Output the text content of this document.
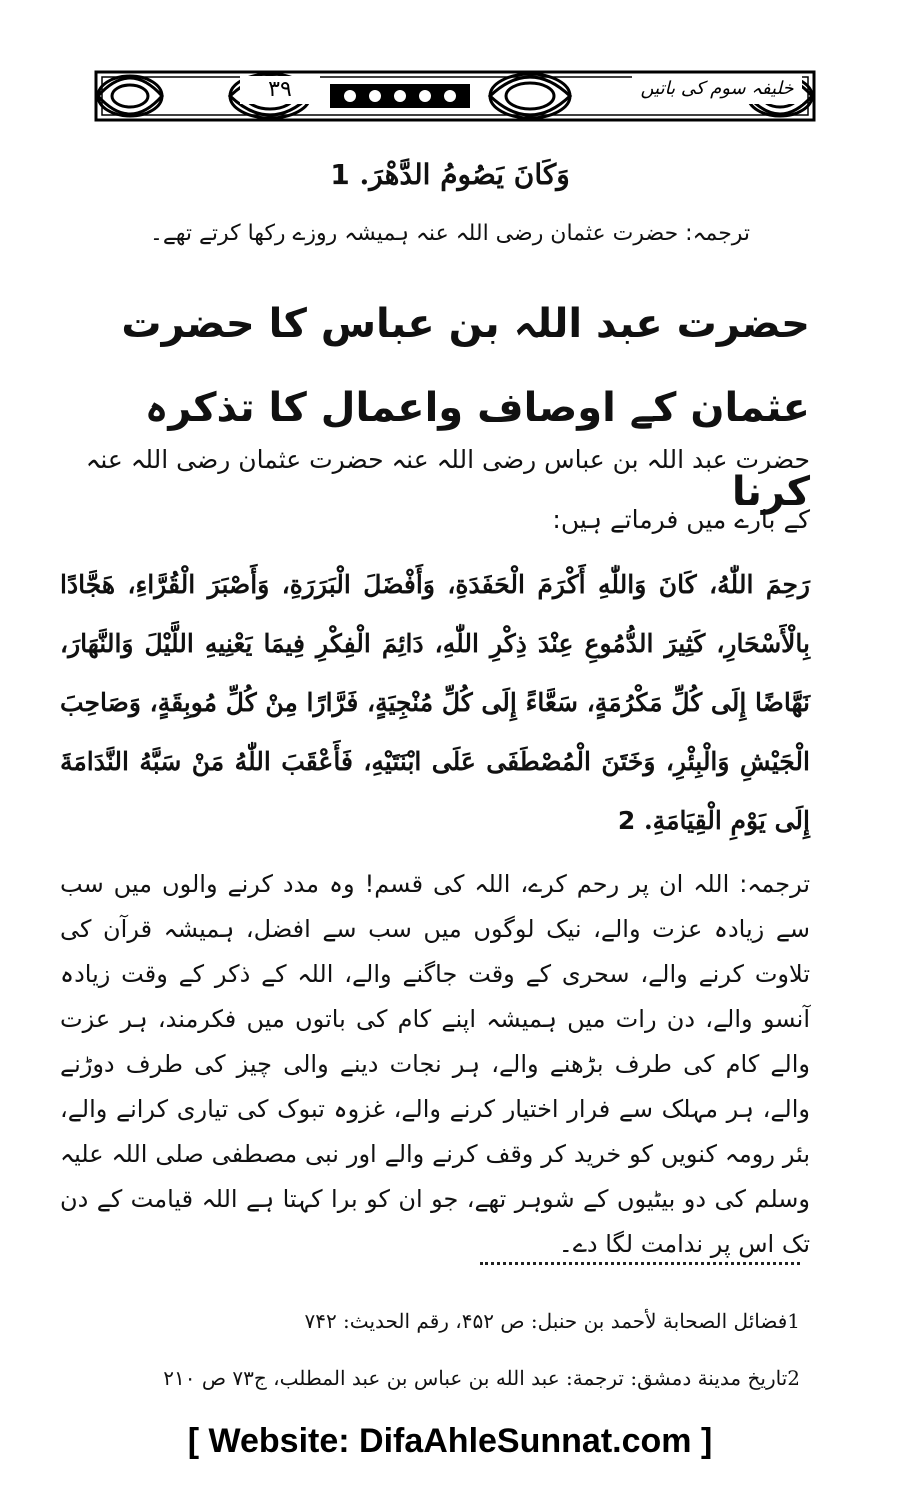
۳۹	خلیفہ سوم کی باتیں
وَكَانَ يَصُومُ الدَّهْرَ. 1
ترجمہ: حضرت عثمان رضی اللہ عنہ ہمیشہ روزے رکھا کرتے تھے۔
حضرت عبد اللہ بن عباس کا حضرت عثمان کے اوصاف واعمال کا تذکرہ کرنا
حضرت عبد اللہ بن عباس رضی اللہ عنہ حضرت عثمان رضی اللہ عنہ کے بارے میں فرماتے ہیں:
رَحِمَ اللّٰهُ، كَانَ وَاللّٰهِ أَكْرَمَ الْحَفَدَةِ، وَأَفْضَلَ الْبَرَرَةِ، وَأَصْبَرَ الْقُرَّاءِ، هَجَّادًا بِالْأَسْحَارِ، كَثِيرَ الدُّمُوعِ عِنْدَ ذِكْرِ اللّٰهِ، دَائِمَ الْفِكْرِ فِيمَا يَعْنِيهِ اللَّيْلَ وَالنَّهَارَ، نَهَّاضًا إِلَى كُلِّ مَكْرُمَةٍ، سَعَّاءً إِلَى كُلِّ مُنْجِيَةٍ، فَرَّارًا مِنْ كُلِّ مُوبِقَةٍ، وَصَاحِبَ الْجَيْشِ وَالْبِئْرِ، وَخَتَنَ الْمُصْطَفَى عَلَى ابْنَتَيْهِ، فَأَعْقَبَ اللّٰهُ مَنْ سَبَّهُ النَّدَامَةَ إِلَى يَوْمِ الْقِيَامَةِ. 2
ترجمہ: اللہ ان پر رحم کرے، اللہ کی قسم! وہ مدد کرنے والوں میں سب سے زیادہ عزت والے، نیک لوگوں میں سب سے افضل، ہمیشہ قرآن کی تلاوت کرنے والے، سحری کے وقت جاگنے والے، اللہ کے ذکر کے وقت زیادہ آنسو والے، دن رات میں ہمیشہ اپنے کام کی باتوں میں فکرمند، ہر عزت والے کام کی طرف بڑھنے والے، ہر نجات دینے والی چیز کی طرف دوڑنے والے، ہر مہلک سے فرار اختیار کرنے والے، غزوہ تبوک کی تیاری کرانے والے، بئر رومہ کنویں کو خرید کر وقف کرنے والے اور نبی مصطفی صلی اللہ علیہ وسلم کی دو بیٹیوں کے شوہر تھے، جو ان کو برا کہتا ہے اللہ قیامت کے دن تک اس پر ندامت لگا دے۔
1فضائل الصحابة لأحمد بن حنبل: ص ۴۵۲، رقم الحديث: ۷۴۲
2تاريخ مدينة دمشق: ترجمة: عبد الله بن عباس بن عبد المطلب، ج۷۳ ص ۲۱۰
[ Website: DifaAhleSunnat.com ]
